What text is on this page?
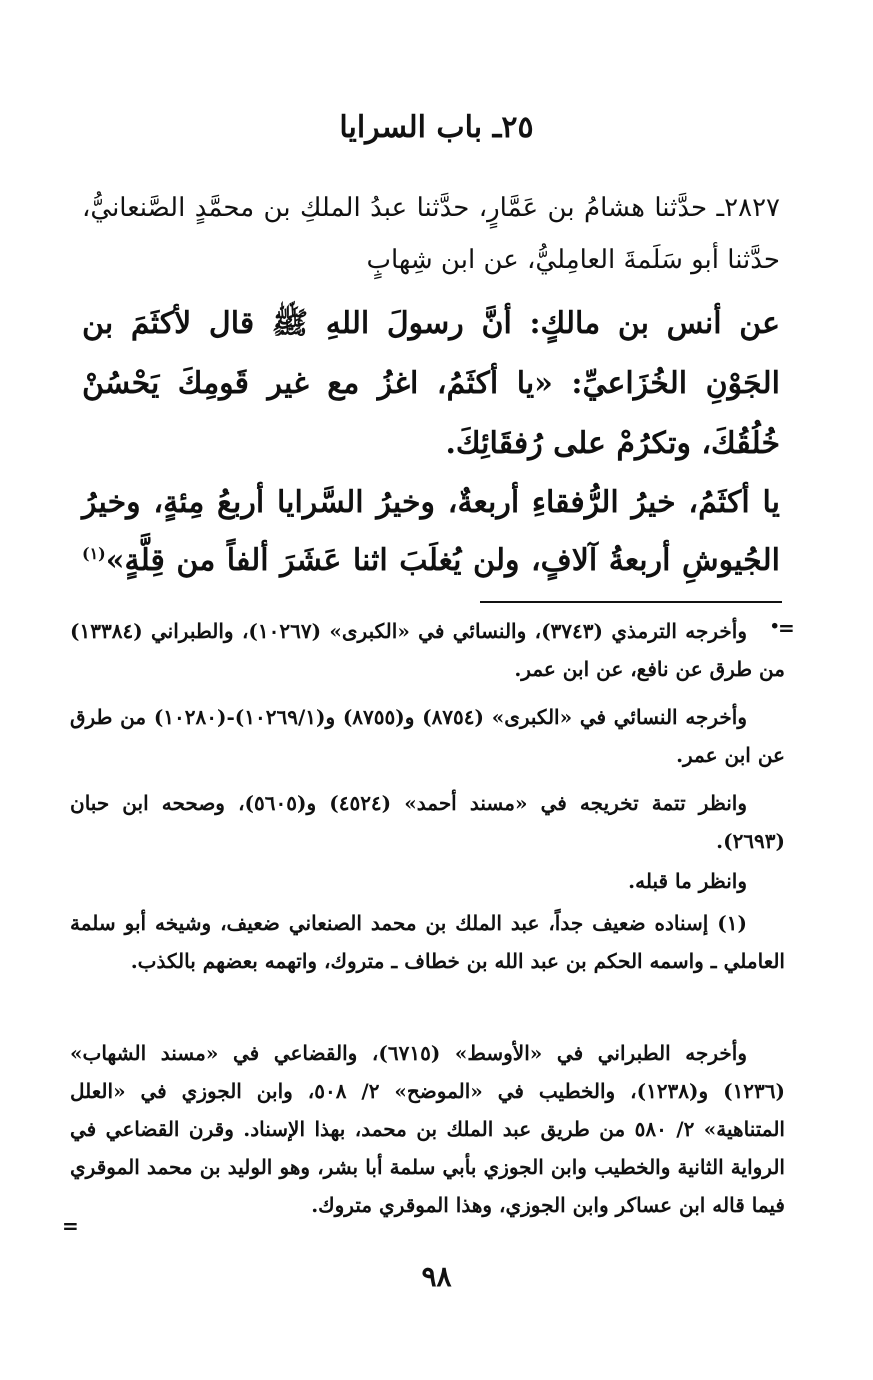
٢٥ـ باب السرايا
٢٨٢٧ـ حدَّثنا هشامُ بن عَمَّارٍ، حدَّثنا عبدُ الملكِ بن محمَّدٍ الصَّنعانيُّ، حدَّثنا أبو سَلَمةَ العامِليُّ، عن ابن شِهابٍ
عن أنس بن مالكٍ: أنَّ رسولَ اللهِ ﷺ قال لأكثَمَ بن الجَوْنِ الخُزَاعيِّ: «يا أكثَمُ، اغزُ مع غير قَومِكَ يَحْسُنْ خُلُقُكَ، وتكرُمْ على رُفقَائِكَ.
يا أكثَمُ، خيرُ الرُّفقاءِ أربعةٌ، وخيرُ السَّرايا أربعُ مِئةٍ، وخيرُ الجُيوشِ أربعةُ آلافٍ، ولن يُغلَبَ اثنا عَشَرَ ألفاً من قِلَّةٍ»$^{(١)}$ .
=
وأخرجه الترمذي (٣٧٤٣)، والنسائي في «الكبرى» (١٠٢٦٧)، والطبراني (١٣٣٨٤) من طرق عن نافع، عن ابن عمر.
وأخرجه النسائي في «الكبرى» (٨٧٥٤) و(٨٧٥٥) و(١٠٢٦٩/١)-(١٠٢٨٠) من طرق عن ابن عمر.
وانظر تتمة تخريجه في «مسند أحمد» (٤٥٢٤) و(٥٦٠٥)، وصححه ابن حبان (٢٦٩٣).
وانظر ما قبله.
(١) إسناده ضعيف جداً، عبد الملك بن محمد الصنعاني ضعيف، وشيخه أبو سلمة العاملي ـ واسمه الحكم بن عبد الله بن خطاف ـ متروك، واتهمه بعضهم بالكذب.
وأخرجه الطبراني في «الأوسط» (٦٧١٥)، والقضاعي في «مسند الشهاب» (١٢٣٦) و(١٢٣٨)، والخطيب في «الموضح» ٢/ ٥٠٨، وابن الجوزي في «العلل المتناهية» ٢/ ٥٨٠ من طريق عبد الملك بن محمد، بهذا الإسناد. وقرن القضاعي في الرواية الثانية والخطيب وابن الجوزي بأبي سلمة أبا بشر، وهو الوليد بن محمد الموقري فيما قاله ابن عساكر وابن الجوزي، وهذا الموقري متروك.
=
٩٨
